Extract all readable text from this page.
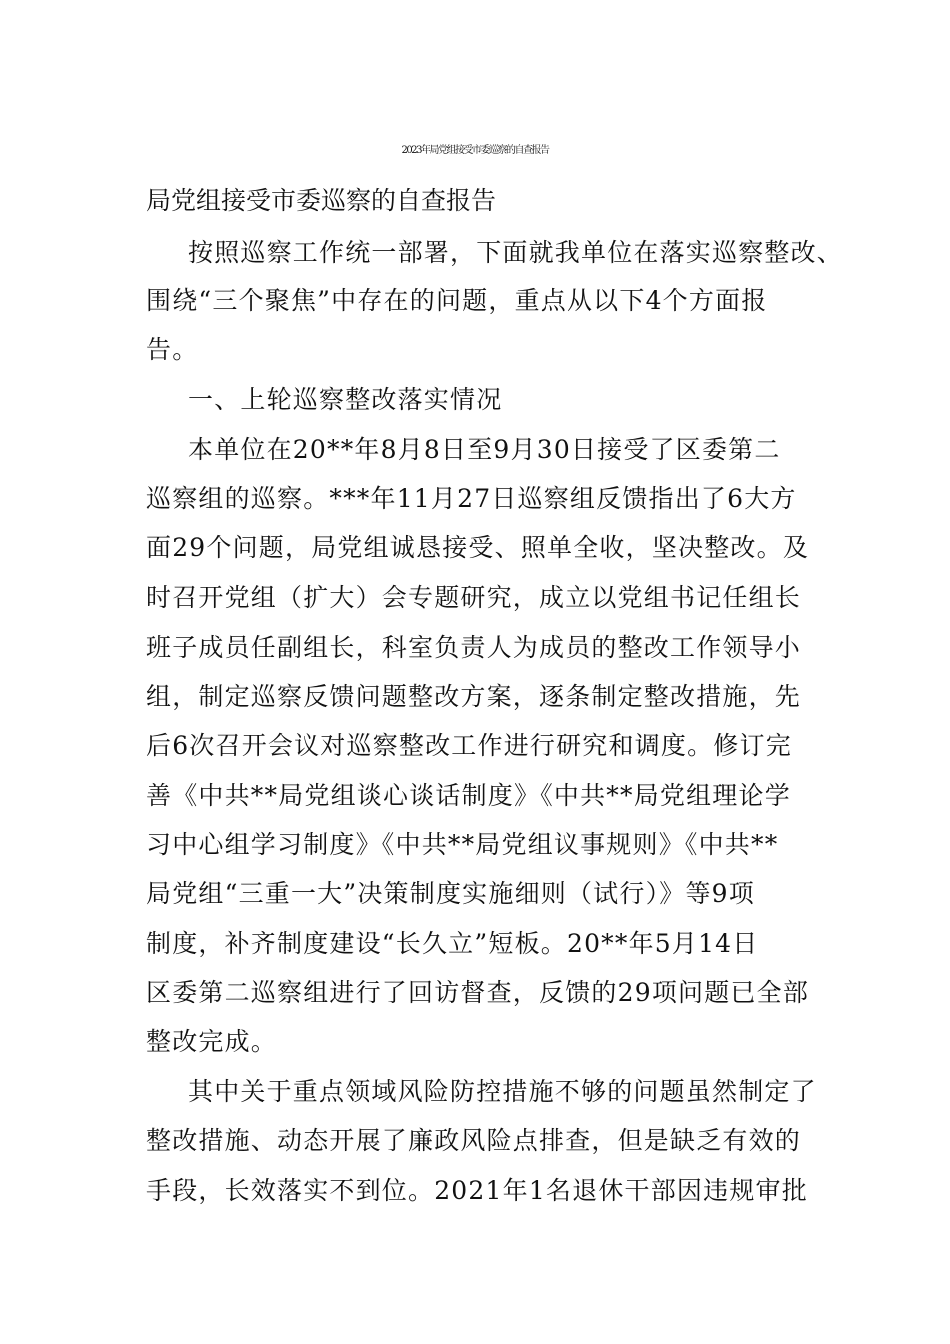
2023年局党组接受市委巡察的自查报告
局党组接受市委巡察的自查报告
按照巡察工作统一部署，下面就我单位在落实巡察整改、
围绕“三个聚焦”中存在的问题，重点从以下4个方面报
告。
一、上轮巡察整改落实情况
本单位在20**年8月8日至9月30日接受了区委第二
巡察组的巡察。***年11月27日巡察组反馈指出了6大方
面29个问题，局党组诚恳接受、照单全收，坚决整改。及
时召开党组（扩大）会专题研究，成立以党组书记任组长
班子成员任副组长，科室负责人为成员的整改工作领导小
组，制定巡察反馈问题整改方案，逐条制定整改措施，先
后6次召开会议对巡察整改工作进行研究和调度。修订完
善《中共**局党组谈心谈话制度》《中共**局党组理论学
习中心组学习制度》《中共**局党组议事规则》《中共**
局党组“三重一大”决策制度实施细则（试行）》等9项
制度，补齐制度建设“长久立”短板。20**年5月14日
区委第二巡察组进行了回访督查，反馈的29项问题已全部
整改完成。
其中关于重点领域风险防控措施不够的问题虽然制定了
整改措施、动态开展了廉政风险点排查，但是缺乏有效的
手段，长效落实不到位。2021年1名退休干部因违规审批
